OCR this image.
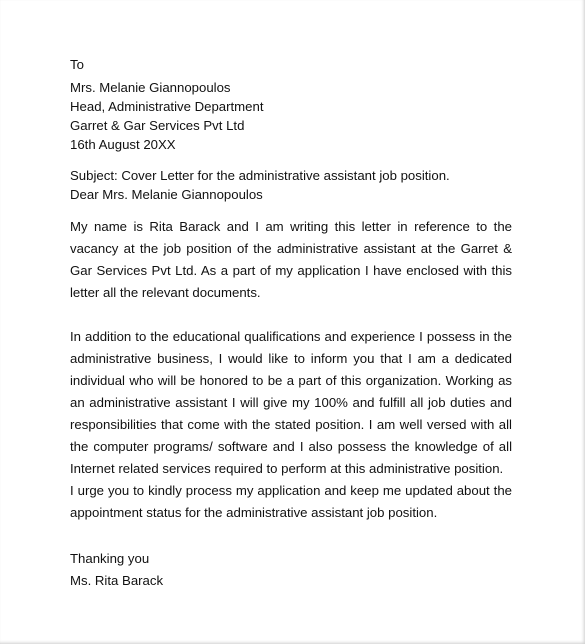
To
Mrs. Melanie Giannopoulos
Head, Administrative Department
Garret & Gar Services Pvt Ltd
16th August 20XX
Subject: Cover Letter for the administrative assistant job position.
Dear Mrs. Melanie Giannopoulos

My name is Rita Barack and I am writing this letter in reference to the vacancy at the job position of the administrative assistant at the Garret & Gar Services Pvt Ltd. As a part of my application I have enclosed with this letter all the relevant documents.

In addition to the educational qualifications and experience I possess in the administrative business, I would like to inform you that I am a dedicated individual who will be honored to be a part of this organization. Working as an administrative assistant I will give my 100% and fulfill all job duties and responsibilities that come with the stated position. I am well versed with all the computer programs/ software and I also possess the knowledge of all Internet related services required to perform at this administrative position.

I urge you to kindly process my application and keep me updated about the appointment status for the administrative assistant job position.

Thanking you
Ms. Rita Barack
